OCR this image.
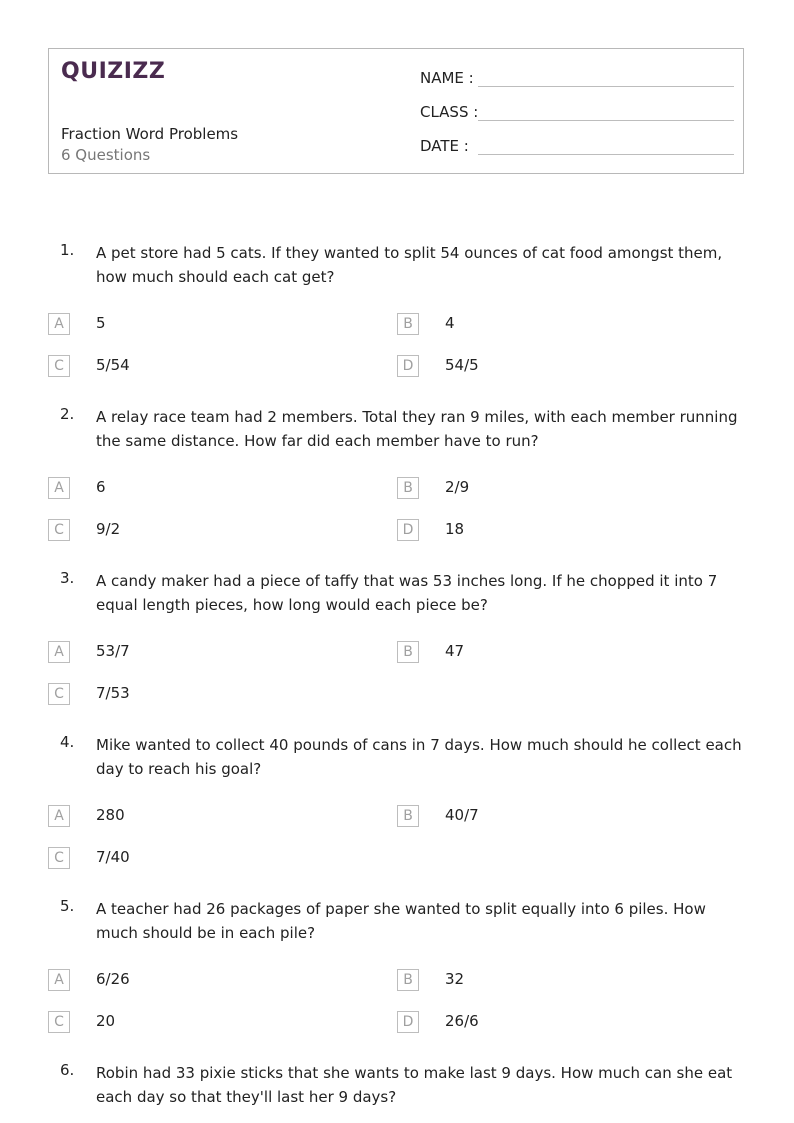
QUIZIZZ
Fraction Word Problems
6 Questions
NAME :
CLASS :
DATE :
1. A pet store had 5 cats. If they wanted to split 54 ounces of cat food amongst them, how much should each cat get?
A	5	B	4
C	5/54	D	54/5
2. A relay race team had 2 members. Total they ran 9 miles, with each member running the same distance. How far did each member have to run?
A	6	B	2/9
C	9/2	D	18
3. A candy maker had a piece of taffy that was 53 inches long. If he chopped it into 7 equal length pieces, how long would each piece be?
A	53/7	B	47
C	7/53
4. Mike wanted to collect 40 pounds of cans in 7 days. How much should he collect each day to reach his goal?
A	280	B	40/7
C	7/40
5. A teacher had 26 packages of paper she wanted to split equally into 6 piles. How much should be in each pile?
A	6/26	B	32
C	20	D	26/6
6. Robin had 33 pixie sticks that she wants to make last 9 days. How much can she eat each day so that they'll last her 9 days?
